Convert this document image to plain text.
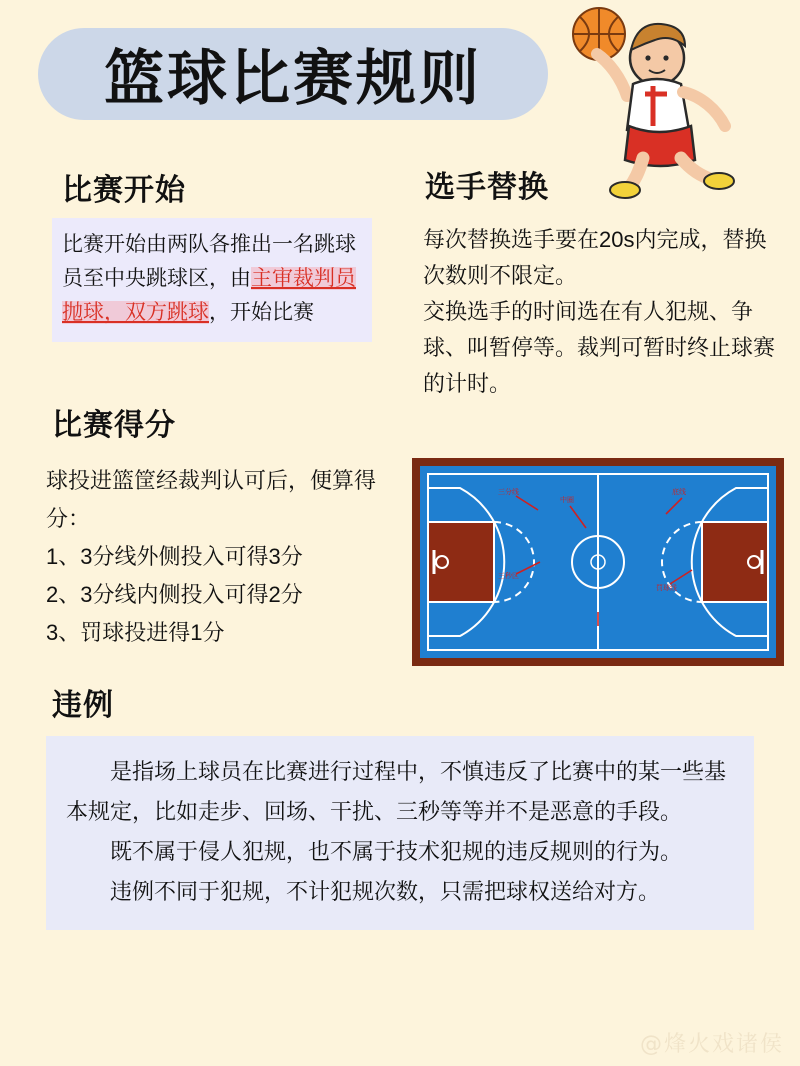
篮球比赛规则
比赛开始
比赛开始由两队各推出一名跳球员至中央跳球区，由主审裁判员抛球，双方跳球，开始比赛
选手替换
每次替换选手要在20s内完成，替换次数则不限定。
交换选手的时间选在有人犯规、争球、叫暂停等。裁判可暂时终止球赛的计时。
比赛得分
球投进篮筐经裁判认可后，便算得分：
1、3分线外侧投入可得3分
2、3分线内侧投入可得2分
3、罚球投进得1分
三分线
中圈
三秒区
底线
罚球线
违例

是指场上球员在比赛进行过程中，不慎违反了比赛中的某一些基本规定，比如走步、回场、干扰、三秒等等并不是恶意的手段。

既不属于侵人犯规，也不属于技术犯规的违反规则的行为。

违例不同于犯规，不计犯规次数，只需把球权送给对方。

@烽火戏诸侯
